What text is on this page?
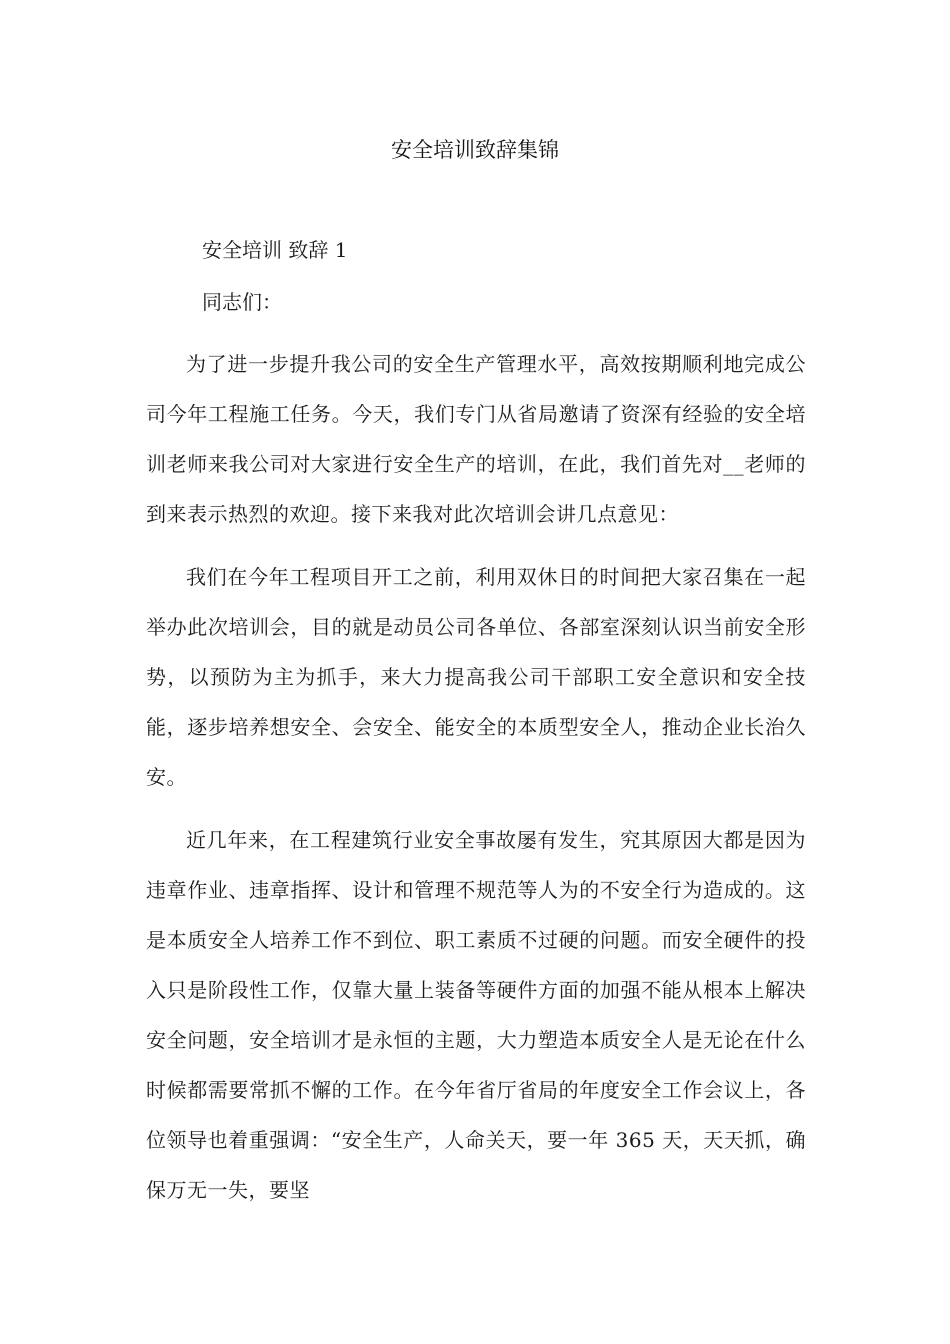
安全培训致辞集锦

安全培训 致辞 1

同志们：

为了进一步提升我公司的安全生产管理水平，高效按期顺利地完成公司今年工程施工任务。今天，我们专门从省局邀请了资深有经验的安全培训老师来我公司对大家进行安全生产的培训，在此，我们首先对__老师的到来表示热烈的欢迎。接下来我对此次培训会讲几点意见：

我们在今年工程项目开工之前，利用双休日的时间把大家召集在一起举办此次培训会，目的就是动员公司各单位、各部室深刻认识当前安全形势，以预防为主为抓手，来大力提高我公司干部职工安全意识和安全技能，逐步培养想安全、会安全、能安全的本质型安全人，推动企业长治久安。

近几年来，在工程建筑行业安全事故屡有发生，究其原因大都是因为违章作业、违章指挥、设计和管理不规范等人为的不安全行为造成的。这是本质安全人培养工作不到位、职工素质不过硬的问题。而安全硬件的投入只是阶段性工作，仅靠大量上装备等硬件方面的加强不能从根本上解决安全问题，安全培训才是永恒的主题，大力塑造本质安全人是无论在什么时候都需要常抓不懈的工作。在今年省厅省局的年度安全工作会议上，各位领导也着重强调：“安全生产，人命关天，要一年 365 天，天天抓，确保万无一失，要坚
